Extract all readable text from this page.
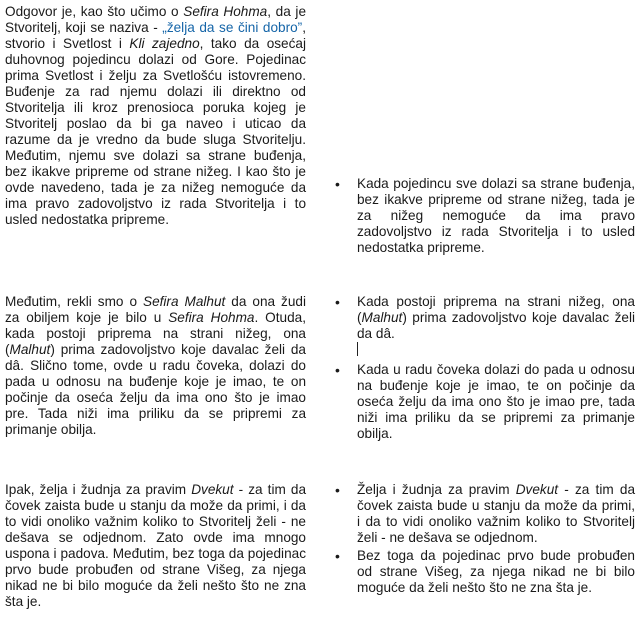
Odgovor je, kao što učimo o Sefira Hohma, da je Stvoritelj, koji se naziva - „želja da se čini dobro”, stvorio i Svetlost i Kli zajedno, tako da osećaj duhovnog pojedincu dolazi od Gore. Pojedinac prima Svetlost i želju za Svetlošću istovremeno. Buđenje za rad njemu dolazi ili direktno od Stvoritelja ili kroz prenosioca poruka kojeg je Stvoritelj poslao da bi ga naveo i uticao da razume da je vredno da bude sluga Stvoritelju. Međutim, njemu sve dolazi sa strane buđenja, bez ikakve pripreme od strane nižeg. I kao što je ovde navedeno, tada je za nižeg nemoguće da ima pravo zadovoljstvo iz rada Stvoritelja i to usled nedostatka pripreme.
• Kada pojedincu sve dolazi sa strane buđenja, bez ikakve pripreme od strane nižeg, tada je za nižeg nemoguće da ima pravo zadovoljstvo iz rada Stvoritelja i to usled nedostatka pripreme.

Međutim, rekli smo o Sefira Malhut da ona žudi za obiljem koje je bilo u Sefira Hohma. Otuda, kada postoji priprema na strani nižeg, ona (Malhut) prima zadovoljstvo koje davalac želi da dâ. Slično tome, ovde u radu čoveka, dolazi do pada u odnosu na buđenje koje je imao, te on počinje da oseća želju da ima ono što je imao pre. Tada niži ima priliku da se pripremi za primanje obilja.
• Kada postoji priprema na strani nižeg, ona (Malhut) prima zadovoljstvo koje davalac želi da dâ.

• Kada u radu čoveka dolazi do pada u odnosu na buđenje koje je imao, te on počinje da oseća želju da ima ono što je imao pre, tada niži ima priliku da se pripremi za primanje obilja.

Ipak, želja i žudnja za pravim Dvekut - za tim da čovek zaista bude u stanju da može da primi, i da to vidi onoliko važnim koliko to Stvoritelj želi - ne dešava se odjednom. Zato ovde ima mnogo uspona i padova. Međutim, bez toga da pojedinac prvo bude probuđen od strane Višeg, za njega nikad ne bi bilo moguće da želi nešto što ne zna šta je.
• Želja i žudnja za pravim Dvekut - za tim da čovek zaista bude u stanju da može da primi, i da to vidi onoliko važnim koliko to Stvoritelj želi - ne dešava se odjednom.

• Bez toga da pojedinac prvo bude probuđen od strane Višeg, za njega nikad ne bi bilo moguće da želi nešto što ne zna šta je.
